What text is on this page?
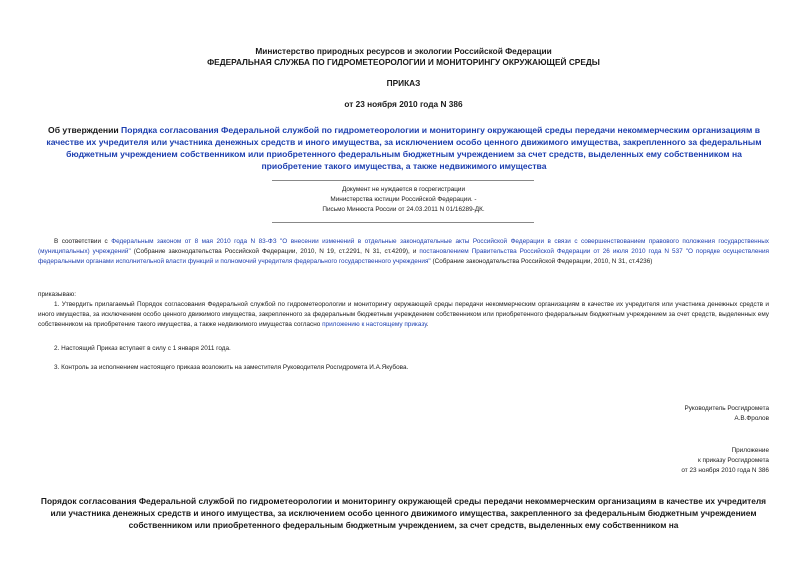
Министерство природных ресурсов и экологии Российской Федерации
ФЕДЕРАЛЬНАЯ СЛУЖБА ПО ГИДРОМЕТЕОРОЛОГИИ И МОНИТОРИНГУ ОКРУЖАЮЩЕЙ СРЕДЫ
ПРИКАЗ
от 23 ноября 2010 года N 386
Об утверждении Порядка согласования Федеральной службой по гидрометеорологии и мониторингу окружающей среды передачи некоммерческим организациям в качестве их учредителя или участника денежных средств и иного имущества, за исключением особо ценного движимого имущества, закрепленного за федеральным бюджетным учреждением собственником или приобретенного федеральным бюджетным учреждением за счет средств, выделенных ему собственником на приобретение такого имущества, а также недвижимого имущества
Документ не нуждается в госрегистрации
Министерства юстиции Российской Федерации. -
Письмо Минюста России от 24.03.2011 N 01/16289-ДК.
В соответствии с Федеральным законом от 8 мая 2010 года N 83-ФЗ "О внесении изменений в отдельные законодательные акты Российской Федерации в связи с совершенствованием правового положения государственных (муниципальных) учреждений" (Собрание законодательства Российской Федерации, 2010, N 19, ст.2291, N 31, ст.4209), и постановлением Правительства Российской Федерации от 26 июля 2010 года N 537 "О порядке осуществления федеральными органами исполнительной власти функций и полномочий учредителя федерального государственного учреждения" (Собрание законодательства Российской Федерации, 2010, N 31, ст.4236)
приказываю:
1. Утвердить прилагаемый Порядок согласования Федеральной службой по гидрометеорологии и мониторингу окружающей среды передачи некоммерческим организациям в качестве их учредителя или участника денежных средств и иного имущества, за исключением особо ценного движимого имущества, закрепленного за федеральным бюджетным учреждением собственником или приобретенного федеральным бюджетным учреждением за счет средств, выделенных ему собственником на приобретение такого имущества, а также недвижимого имущества согласно приложению к настоящему приказу.
2. Настоящий Приказ вступает в силу с 1 января 2011 года.
3. Контроль за исполнением настоящего приказа возложить на заместителя Руководителя Росгидромета И.А.Якубова.
Руководитель Росгидромета
А.В.Фролов
Приложение
к приказу Росгидромета
от 23 ноября 2010 года N 386
Порядок согласования Федеральной службой по гидрометеорологии и мониторингу окружающей среды передачи некоммерческим организациям в качестве их учредителя или участника денежных средств и иного имущества, за исключением особо ценного движимого имущества, закрепленного за федеральным бюджетным учреждением собственником или приобретенного федеральным бюджетным учреждением, за счет средств, выделенных ему собственником на
